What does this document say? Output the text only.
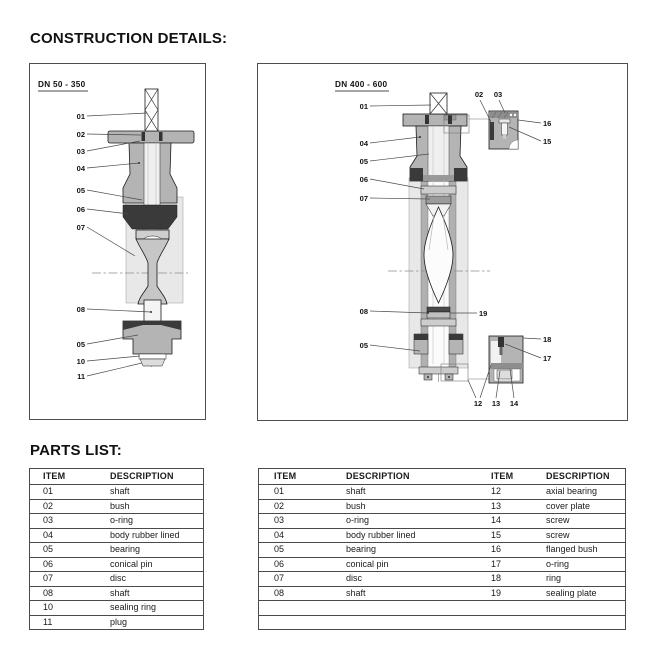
CONSTRUCTION DETAILS:
DN 50 - 350
01
02
03
04
05
06
07
08
05
10
11
DN 400 - 600
01
04
05
06
07
08
05
02 03
12 13 14
16
15
19
18
17
PARTS LIST:
ITEM	DESCRIPTION
01	shaft
02	bush
03	o-ring
04	body rubber lined
05	bearing
06	conical pin
07	disc
08	shaft
10	sealing ring
11	plug
ITEM	DESCRIPTION	ITEM	DESCRIPTION
01	shaft	12	axial bearing
02	bush	13	cover plate
03	o-ring	14	screw
04	body rubber lined	15	screw
05	bearing	16	flanged bush
06	conical pin	17	o-ring
07	disc	18	ring
08	shaft	19	sealing plate
